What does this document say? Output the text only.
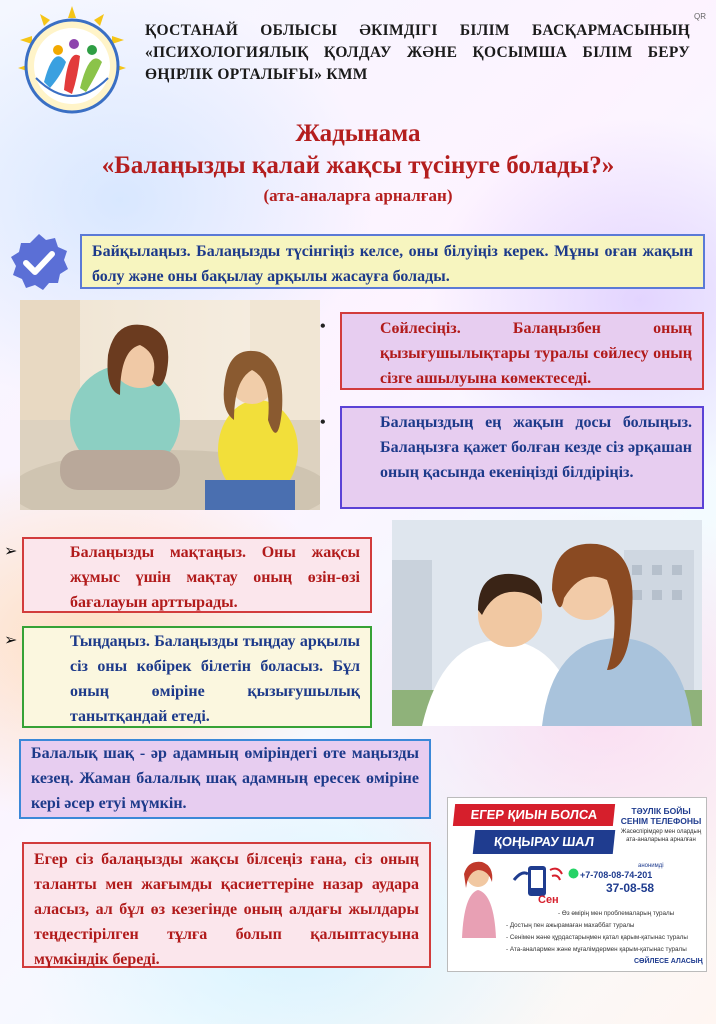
ҚОСТАНАЙ ОБЛЫСЫ ӘКІМДІГІ БІЛІМ БАСҚАРМАСЫНЫҢ
«ПСИХОЛОГИЯЛЫҚ ҚОЛДАУ ЖӘНЕ ҚОСЫМША БІЛІМ БЕРУ
ӨҢІРЛІК ОРТАЛЫҒЫ» КММ
QR
Жадынама
«Балаңызды қалай жақсы түсінуге болады?»
(ата-аналарға арналған)
Байқылаңыз. Балаңызды түсінгіңіз келсе, оны білуіңіз керек. Мұны оған жақын болу және оны бақылау арқылы жасауға болады.
•	Сөйлесіңіз. Балаңызбен оның қызығушылықтары туралы сөйлесу оның сізге ашылуына көмектеседі.
•	Балаңыздың ең жақын досы болыңыз. Балаңызға қажет болған кезде сіз әрқашан оның қасында екеніңізді білдіріңіз.
➢	Балаңызды мақтаңыз. Оны жақсы жұмыс үшін мақтау оның өзін-өзі бағалауын арттырады.
➢	Тыңдаңыз. Балаңызды тыңдау арқылы сіз оны көбірек білетін боласыз. Бұл оның өміріне қызығушылық танытқандай етеді.
Балалық шақ - әр адамның өміріндегі өте маңызды кезең. Жаман балалық шақ адамның ересек өміріне кері әсер етуі мүмкін.
Егер сіз балаңызды жақсы білсеңіз ғана, сіз оның таланты мен жағымды қасиеттеріне назар аудара аласыз, ал бұл өз кезегінде оның алдағы жылдары теңдестірілген тұлға болып қалыптасуына мүмкіндік береді.
ЕГЕР ҚИЫН БОЛСА
ҚОҢЫРАУ ШАЛ
ТӘУЛІК БОЙЫ СЕНІМ ТЕЛЕФОНЫ
Жасөспірімдер мен олардың ата-аналарына арналған
анонимді
+7-708-08-74-201
37-08-58
Сен
- Өз өмірің мен проблемаларың туралы
- Достың пен ажырамаған махаббат туралы
- Сенімен және құрдастарыңмен қатал қарым-қатынас туралы
- Ата-аналармен және мұғалімдермен қарым-қатынас туралы
СӨЙЛЕСЕ АЛАСЫҢ
